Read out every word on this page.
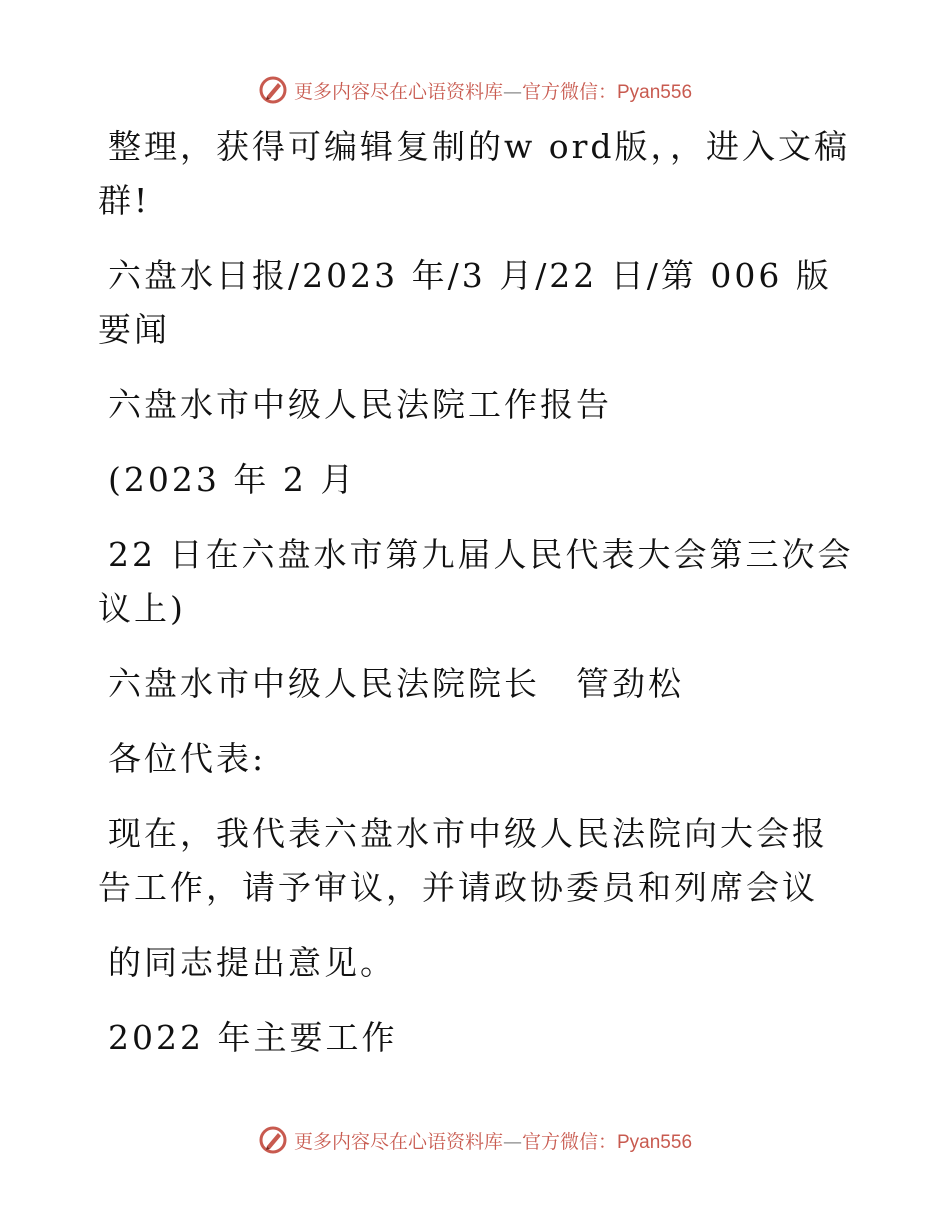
更多内容尽在心语资料库—官方微信：Pyan556

整理，获得可编辑复制的w ord版，，进入文稿群!

六盘水日报/2023 年/3 月/22 日/第 006 版要闻

六盘水市中级人民法院工作报告

(2023 年 2 月

22 日在六盘水市第九届人民代表大会第三次会议上)

六盘水市中级人民法院院长　管劲松

各位代表:

现在，我代表六盘水市中级人民法院向大会报告工作，请予审议，并请政协委员和列席会议

的同志提出意见。

2022 年主要工作

更多内容尽在心语资料库—官方微信：Pyan556
